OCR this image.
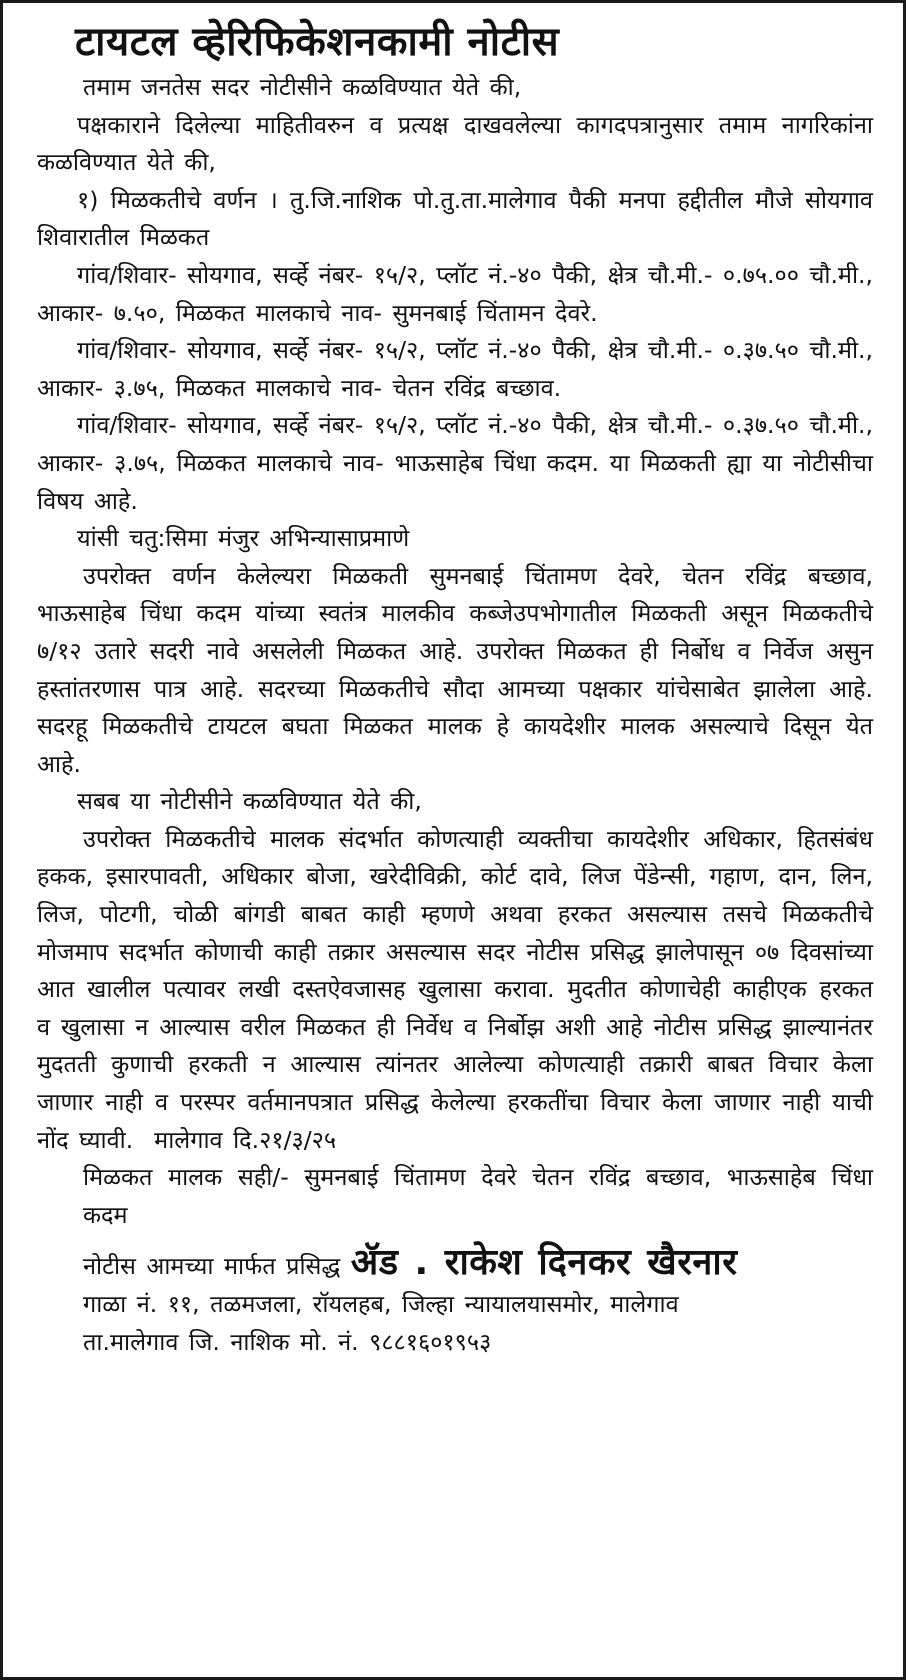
टायटल व्हेरिफिकेशनकामी नोटीस

तमाम जनतेस सदर नोटीसीने कळविण्यात येते की,

पक्षकाराने दिलेल्या माहितीवरुन व प्रत्यक्ष दाखवलेल्या कागदपत्रानुसार तमाम नागरिकांना कळविण्यात येते की,

१) मिळकतीचे वर्णन । तु.जि.नाशिक पो.तु.ता.मालेगाव पैकी मनपा हद्दीतील मौजे सोयगाव शिवारातील मिळकत

गांव/शिवार- सोयगाव, सर्व्हे नंबर- १५/२, प्लॉट नं.-४० पैकी, क्षेत्र चौ.मी.- ०.७५.०० चौ.मी., आकार- ७.५०, मिळकत मालकाचे नाव- सुमनबाई चिंतामन देवरे.

गांव/शिवार- सोयगाव, सर्व्हे नंबर- १५/२, प्लॉट नं.-४० पैकी, क्षेत्र चौ.मी.- ०.३७.५० चौ.मी., आकार- ३.७५, मिळकत मालकाचे नाव- चेतन रविंद्र बच्छाव.

गांव/शिवार- सोयगाव, सर्व्हे नंबर- १५/२, प्लॉट नं.-४० पैकी, क्षेत्र चौ.मी.- ०.३७.५० चौ.मी., आकार- ३.७५, मिळकत मालकाचे नाव- भाऊसाहेब चिंधा कदम. या मिळकती ह्या या नोटीसीचा विषय आहे.

यांसी चतु:सिमा मंजुर अभिन्यासाप्रमाणे

उपरोक्त वर्णन केलेल्यरा मिळकती सुमनबाई चिंतामण देवरे, चेतन रविंद्र बच्छाव, भाऊसाहेब चिंधा कदम यांच्या स्वतंत्र मालकीव कब्जेउपभोगातील मिळकती असून मिळकतीचे ७/१२ उतारे सदरी नावे असलेली मिळकत आहे. उपरोक्त मिळकत ही निर्बोध व निर्वेज असुन हस्तांतरणास पात्र आहे. सदरच्या मिळकतीचे सौदा आमच्या पक्षकार यांचेसाबेत झालेला आहे. सदरहू मिळकतीचे टायटल बघता मिळकत मालक हे कायदेशीर मालक असल्याचे दिसून येत आहे.

सबब या नोटीसीने कळविण्यात येते की,

उपरोक्त मिळकतीचे मालक संदर्भात कोणत्याही व्यक्तीचा कायदेशीर अधिकार, हितसंबंध हकक, इसारपावती, अधिकार बोजा, खरेदीविक्री, कोर्ट दावे, लिज पेंडेन्सी, गहाण, दान, लिन, लिज, पोटगी, चोळी बांगडी बाबत काही म्हणणे अथवा हरकत असल्यास तसचे मिळकतीचे मोजमाप सदर्भात कोणाची काही तक्रार असल्यास सदर नोटीस प्रसिद्ध झालेपासून ०७ दिवसांच्या आत खालील पत्यावर लखी दस्तऐवजासह खुलासा करावा. मुदतीत कोणाचेही काहीएक हरकत व खुलासा न आल्यास वरील मिळकत ही निर्वेध व निर्बोझ अशी आहे नोटीस प्रसिद्ध झाल्यानंतर मुदतती कुणाची हरकती न आल्यास त्यांनतर आलेल्या कोणत्याही तक्रारी बाबत विचार केला जाणार नाही व परस्पर वर्तमानपत्रात प्रसिद्ध केलेल्या हरकतींचा विचार केला जाणार नाही याची नोंद घ्यावी. मालेगाव दि.२१/३/२५

मिळकत मालक सही/- सुमनबाई चिंतामण देवरे चेतन रविंद्र बच्छाव, भाऊसाहेब चिंधा कदम

नोटीस आमच्या मार्फत प्रसिद्ध ॲड . राकेश दिनकर खैरनार

गाळा नं. ११, तळमजला, रॉयलहब, जिल्हा न्यायालयासमोर, मालेगाव

ता.मालेगाव जि. नाशिक मो. नं. ९८८१६०१९५३
